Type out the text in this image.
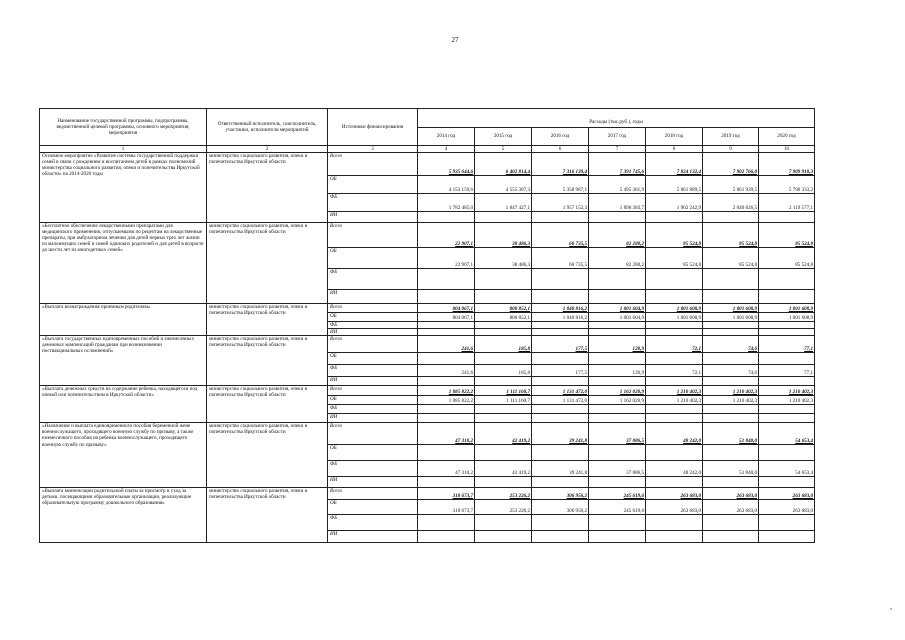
27
Наименование государственной программы, подпрограммы, ведомственной целевой программы, основного мероприятия, мероприятия	Ответственный исполнитель, соисполнитель, участники, исполнители мероприятий	Источники финансирования	Расходы (тыс.руб.), годы						
			2014 год	2015 год	2016 год	2017 год	2018 год	2019 год	2020 год
1	2	3	4	5	6	7	8	9	10
Основное мероприятие «Развитие системы государственной поддержки семей в связи с рождением и воспитанием детей в рамках полномочий министерства социального развития, опеки и попечительства Иркутской области» на 2014-2020 годы	министерство социального развития, опеки и попечительства Иркутской области	Всего	5 935 644,6	6 402 814,4	7 316 139,4	7 391 745,6	7 824 132,4	7 902 766,0	7 909 910,3
		ОБ	4 153 159,6	4 555 387,3	5 358 987,1	5 495 361,9	5 861 889,5	5 861 939,5	5 790 333,2
		ФБ	1 782 485,0	1 847 427,1	1 957 152,3	1 896 383,7	1 962 242,9	2 040 826,5	2 119 577,1
		ИИ							
«Бесплатное обеспечение лекарственными препаратами для медицинского применения, отпускаемыми по рецептам на лекарственные препараты, при амбулаторном лечении для детей первых трех лет жизни из малоимущих семей и семей одиноких родителей и для детей в возрасте до шести лет из многодетных семей»	министерство социального развития, опеки и попечительства Иркутской области	Всего	22 907,1	38 486,3	60 735,5	82 280,2	85 524,8	85 524,8	85 524,8
		ОБ	22 907,1	38 486,3	60 735,5	82 280,2	85 524,8	85 524,8	85 524,8
		ФБ							
		ИИ							
«Выплата вознаграждения приемным родителям»	министерство социального развития, опеки и попечительства Иркутской области	Всего	804 067,1	800 852,1	1 040 816,2	1 001 604,9	1 001 608,9	1 001 608,9	1 001 608,9
		ОБ	804 067,1	800 852,1	1 040 816,2	1 001 604,9	1 001 608,9	1 001 608,9	1 001 608,9
		ФБ							
		ИИ							
«Выплата государственных единовременных пособий и ежемесячных денежных компенсаций гражданам при возникновении поствакцинальных осложнений»	министерство социального развития, опеки и попечительства Иркутской области	Всего	241,6	185,8	177,5	120,9	72,1	74,6	77,1
		ОБ							
		ФБ	241,6	185,8	177,5	120,9	72,1	74,6	77,1
		ИИ							
«Выплата денежных средств на содержание ребенка, находящегося под опекой или попечительством в Иркутской области»	министерство социального развития, опеки и попечительства Иркутской области	Всего	1 085 822,2	1 111 160,7	1 131 472,0	1 162 020,9	1 210 402,3	1 210 402,3	1 210 402,3
		ОБ	1 085 822,2	1 111 160,7	1 131 472,0	1 162 020,9	1 210 402,3	1 210 402,3	1 210 402,3
		ФБ							
		ИИ							
«Назначение и выплата единовременного пособия беременной жене военнослужащего, проходящего военную службу по призыву, а также ежемесячного пособия на ребенка военнослужащего, проходящего военную службу по призыву»	министерство социального развития, опеки и попечительства Иркутской области	Всего	47 310,2	42 419,2	39 241,8	37 886,5	48 242,0	51 840,0	54 653,4
		ОБ							
		ФБ	47 310,2	42 419,2	39 241,8	37 886,5	48 242,0	51 840,0	54 653,4
		ИИ							
«Выплата компенсации родительской платы за присмотр и уход за детьми, посещающими образовательные организации, реализующие образовательную программу дошкольного образования»	министерство социального развития, опеки и попечительства Иркутской области	Всего	318 673,7	253 226,2	306 956,2	245 619,6	263 683,0	263 683,0	263 683,0
		ОБ	318 673,7	253 226,2	306 956,2	245 619,6	263 683,0	263 683,0	263 683,0
		ФБ							
		ИИ							
